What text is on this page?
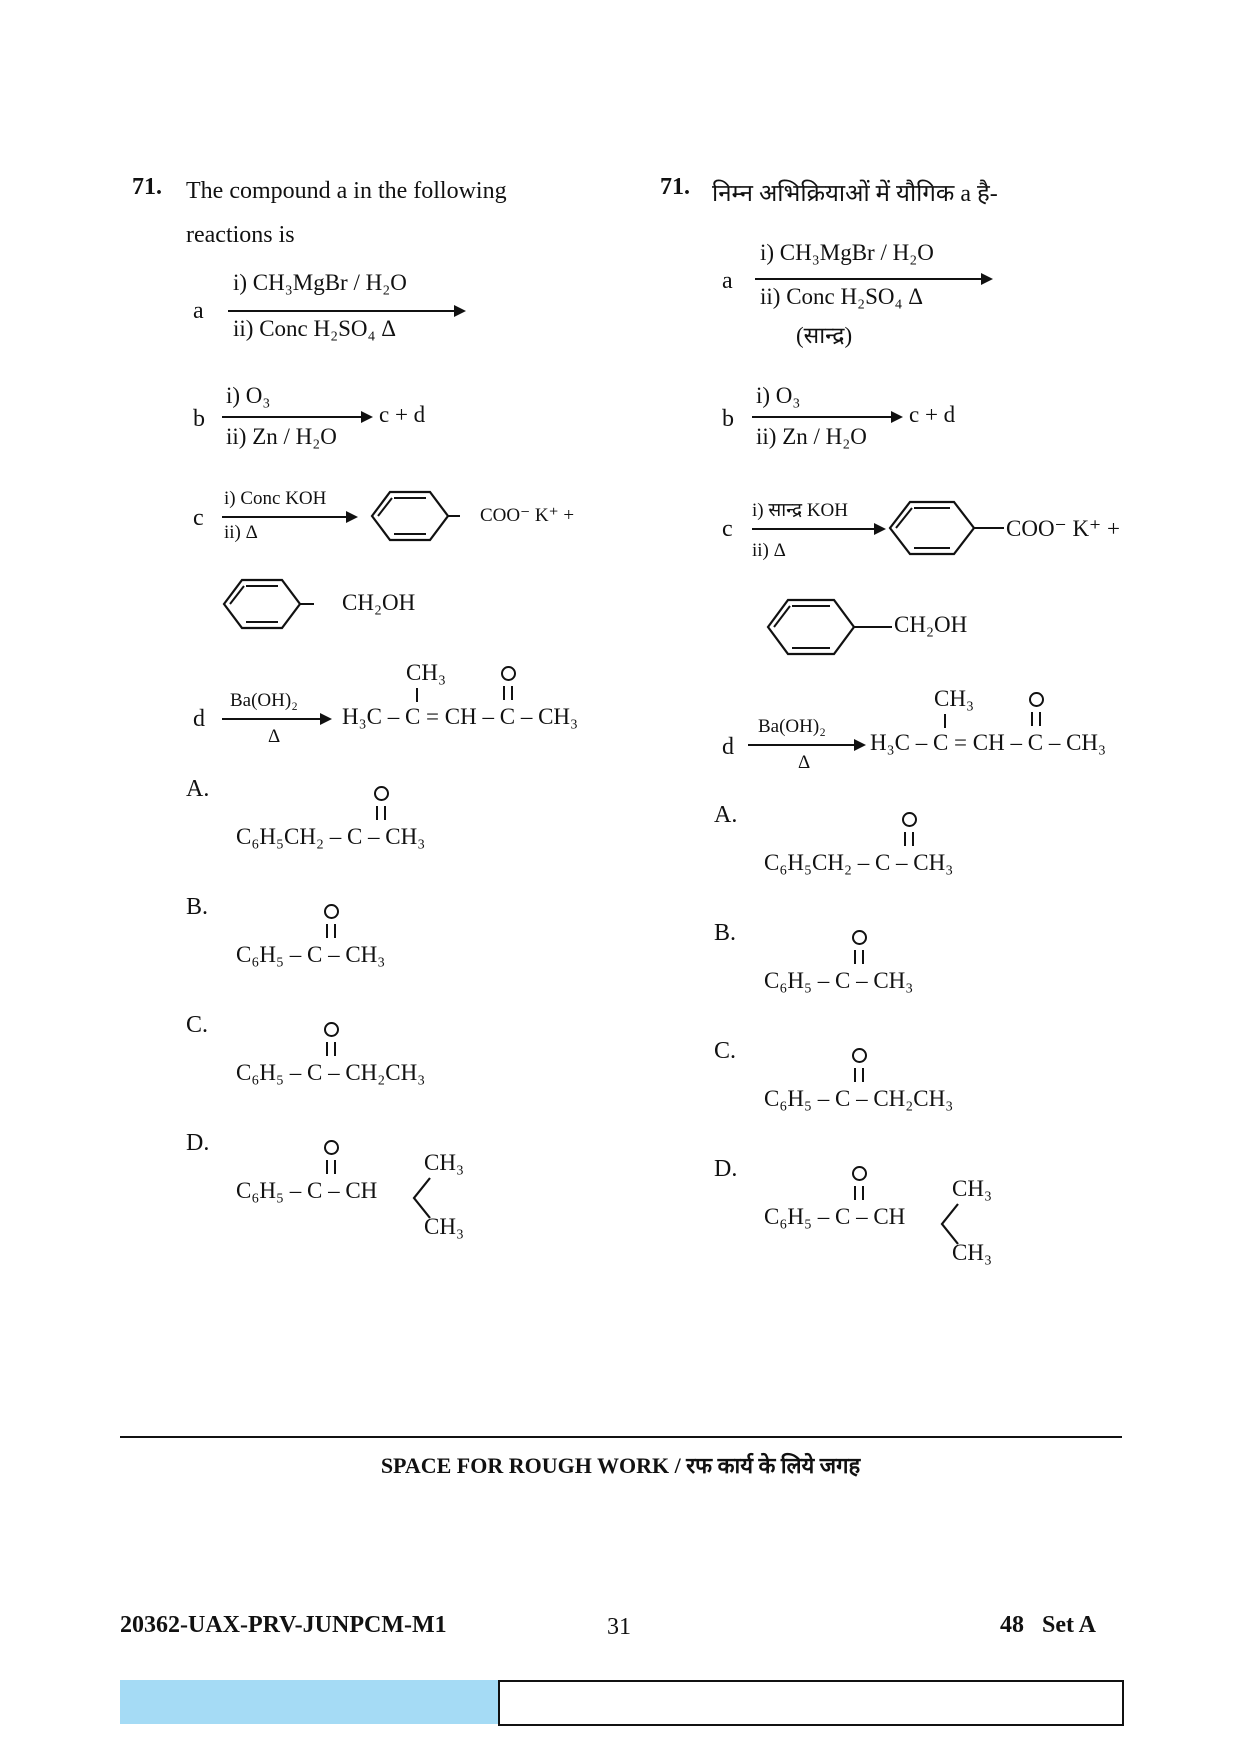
71. The compound a in the following
reactions is
a
i) CH₃MgBr / H₂O
ii) Conc H₂SO₄ Δ
b
i) O₃
ii) Zn / H₂O
c + d
c
i) Conc KOH
ii) Δ
COO⁻ K⁺ +
CH₂OH
d
Ba(OH)₂
Δ
CH₃
H₃C – C = CH – C – CH₃
A.
C₆H₅CH₂ – C – CH₃
B.
C₆H₅ – C – CH₃
C.
C₆H₅ – C – CH₂CH₃
D.
C₆H₅ – C – CH
CH₃
CH₃
71. निम्न अभिक्रियाओं में यौगिक a है-
a
i) CH₃MgBr / H₂O
ii) Conc H₂SO₄ Δ
(सान्द्र)
b
i) O₃
ii) Zn / H₂O
c + d
c
i) सान्द्र KOH
ii) Δ
COO⁻ K⁺ +
CH₂OH
d
Ba(OH)₂
Δ
CH₃
H₃C – C = CH – C – CH₃
A.
C₆H₅CH₂ – C – CH₃
B.
C₆H₅ – C – CH₃
C.
C₆H₅ – C – CH₂CH₃
D.
C₆H₅ – C – CH
CH₃
CH₃
SPACE FOR ROUGH WORK / रफ कार्य के लिये जगह
20362-UAX-PRV-JUNPCM-M1	31	48   Set A
